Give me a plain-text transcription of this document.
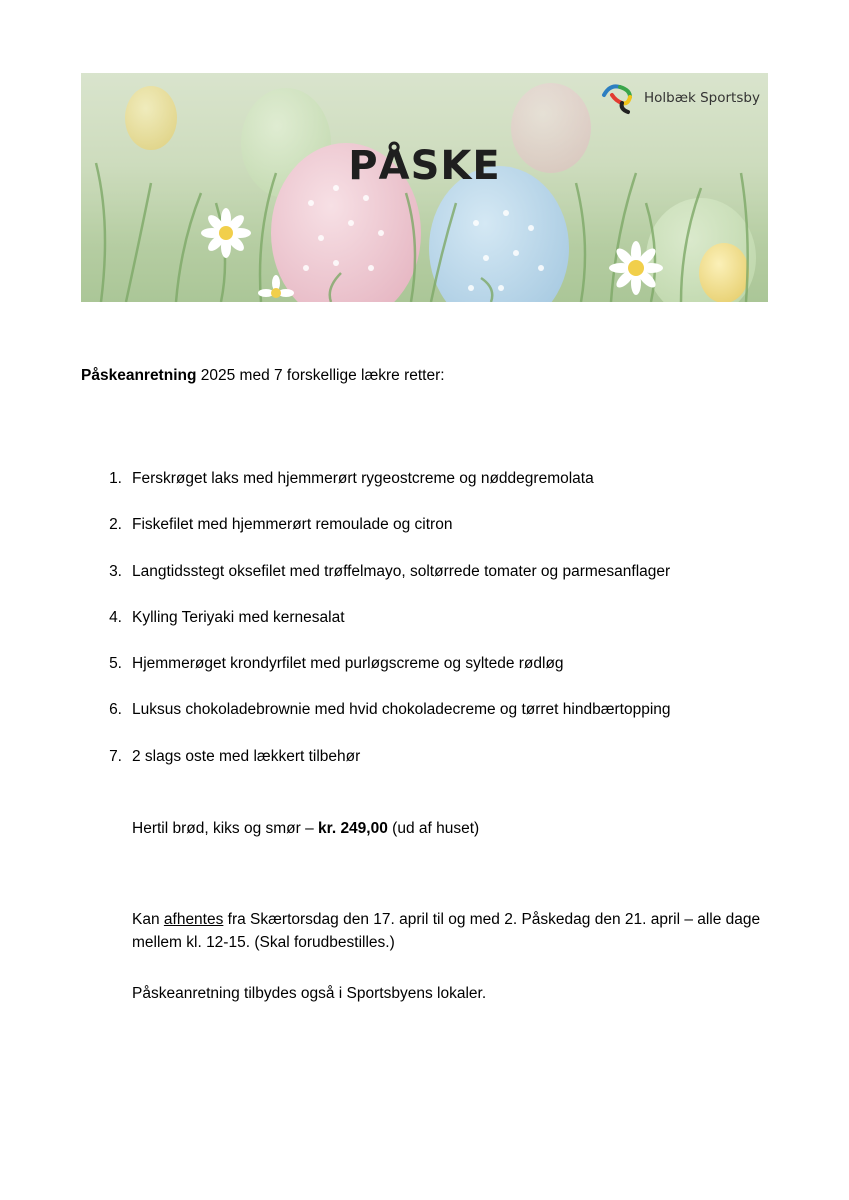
PÅSKE
Holbæk Sportsby
Påskeanretning 2025 med 7 forskellige lækre retter:
1. Ferskrøget laks med hjemmerørt rygeostcreme og nøddegremolata
2. Fiskefilet med hjemmerørt remoulade og citron
3. Langtidsstegt oksefilet med trøffelmayo, soltørrede tomater og parmesanflager
4. Kylling Teriyaki med kernesalat
5. Hjemmerøget krondyrfilet med purløgscreme og syltede rødløg
6. Luksus chokoladebrownie med hvid chokoladecreme og tørret hindbærtopping
7. 2 slags oste med lækkert tilbehør
Hertil brød, kiks og smør – kr. 249,00 (ud af huset)
Kan afhentes fra Skærtorsdag den 17. april til og med 2. Påskedag den 21. april – alle dage mellem kl. 12-15. (Skal forudbestilles.)
Påskeanretning tilbydes også i Sportsbyens lokaler.
